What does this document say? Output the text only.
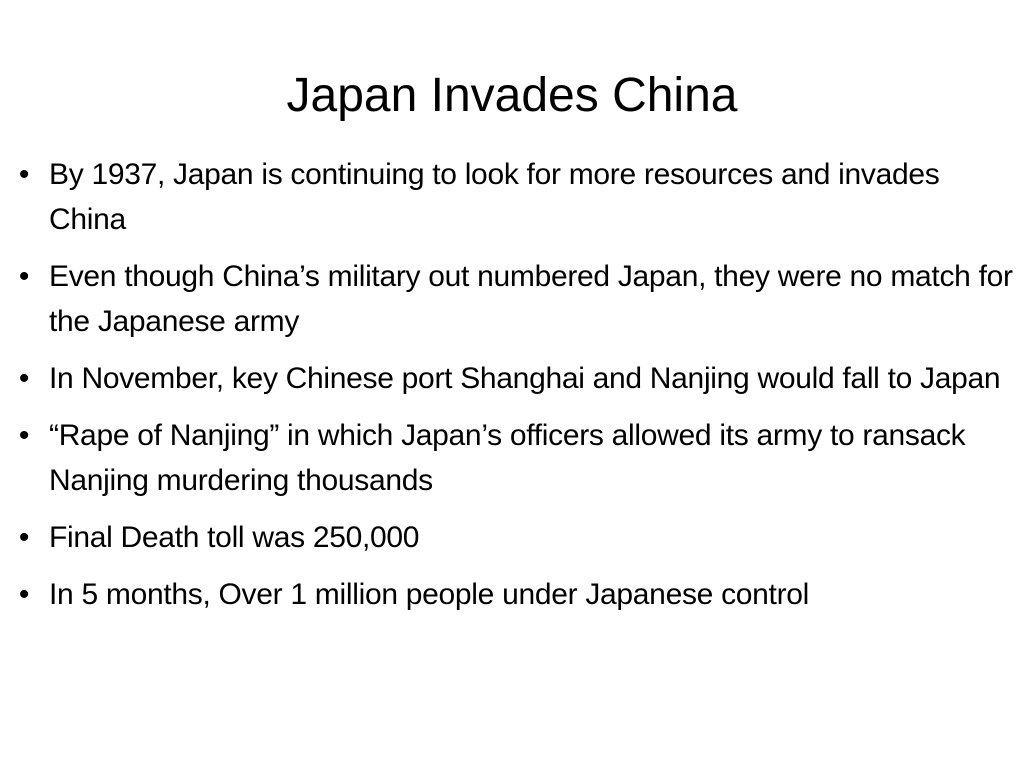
Japan Invades China
• By 1937, Japan is continuing to look for more resources and invades China
• Even though China’s military out numbered Japan, they were no match for the Japanese army
• In November, key Chinese port Shanghai and Nanjing would fall to Japan
• “Rape of Nanjing” in which Japan’s officers allowed its army to ransack Nanjing murdering thousands
• Final Death toll was 250,000
• In 5 months, Over 1 million people under Japanese control
